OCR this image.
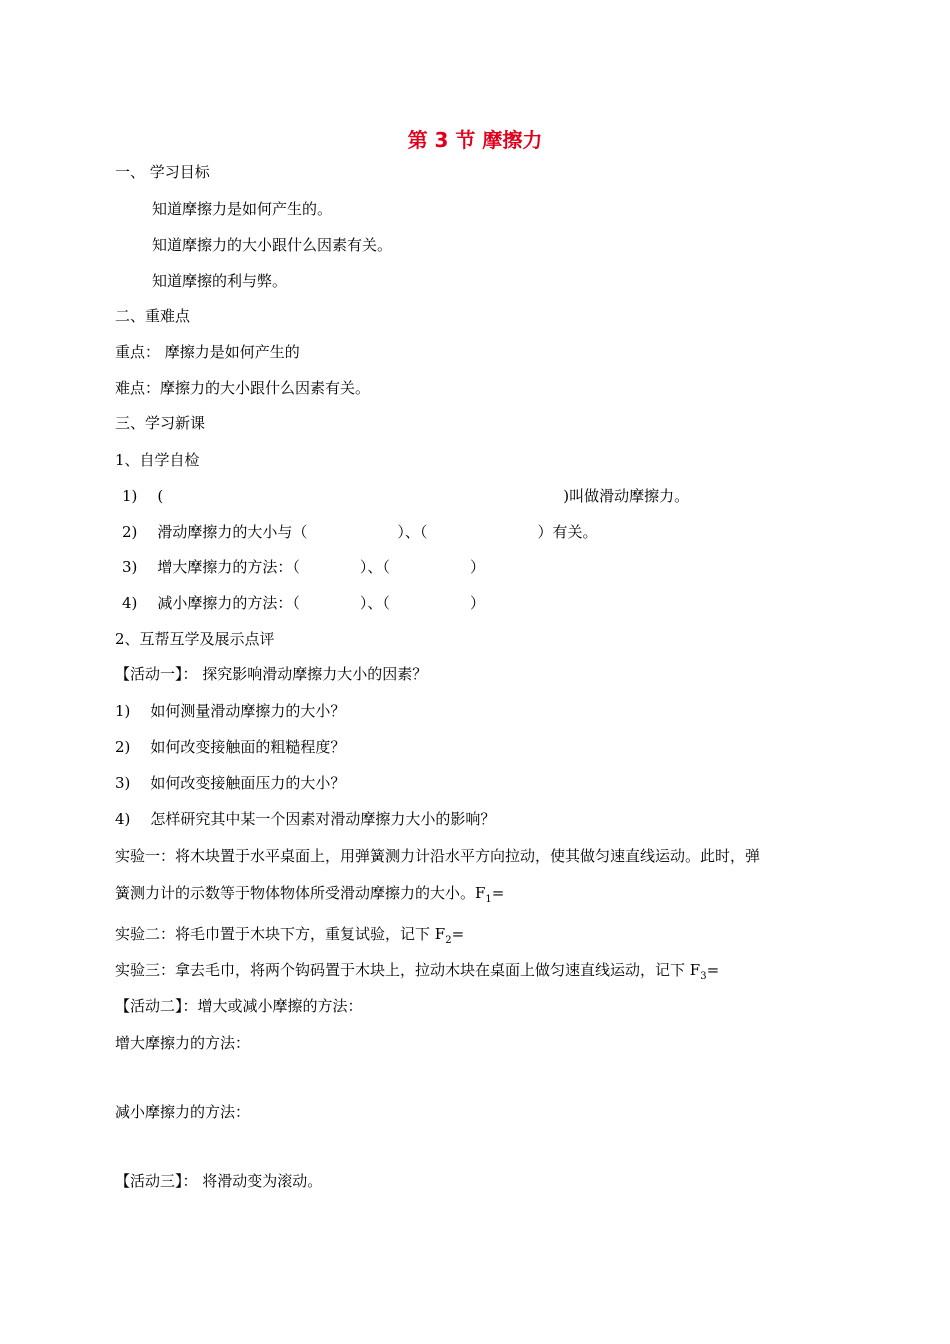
第 3 节 摩擦力
一、 学习目标
知道摩擦力是如何产生的。
知道摩擦力的大小跟什么因素有关。
知道摩擦的利与弊。
二、重难点
重点： 摩擦力是如何产生的
难点：摩擦力的大小跟什么因素有关。
三、学习新课
1、自学自检
1) (	)叫做滑动摩擦力。
2) 滑动摩擦力的大小与（	）、（	）有关。
3) 增大摩擦力的方法：（	）、（	）
4) 减小摩擦力的方法：（	）、（	）
2、互帮互学及展示点评
【活动一】： 探究影响滑动摩擦力大小的因素？
1) 如何测量滑动摩擦力的大小？
2) 如何改变接触面的粗糙程度？
3) 如何改变接触面压力的大小？
4) 怎样研究其中某一个因素对滑动摩擦力大小的影响？
实验一：将木块置于水平桌面上，用弹簧测力计沿水平方向拉动，使其做匀速直线运动。此时，弹
簧测力计的示数等于物体物体所受滑动摩擦力的大小。$F_1=$
实验二：将毛巾置于木块下方，重复试验，记下 $F_2=$
实验三：拿去毛巾，将两个钩码置于木块上，拉动木块在桌面上做匀速直线运动，记下 $F_3=$
【活动二】：增大或减小摩擦的方法：
增大摩擦力的方法：
减小摩擦力的方法：
【活动三】： 将滑动变为滚动。
